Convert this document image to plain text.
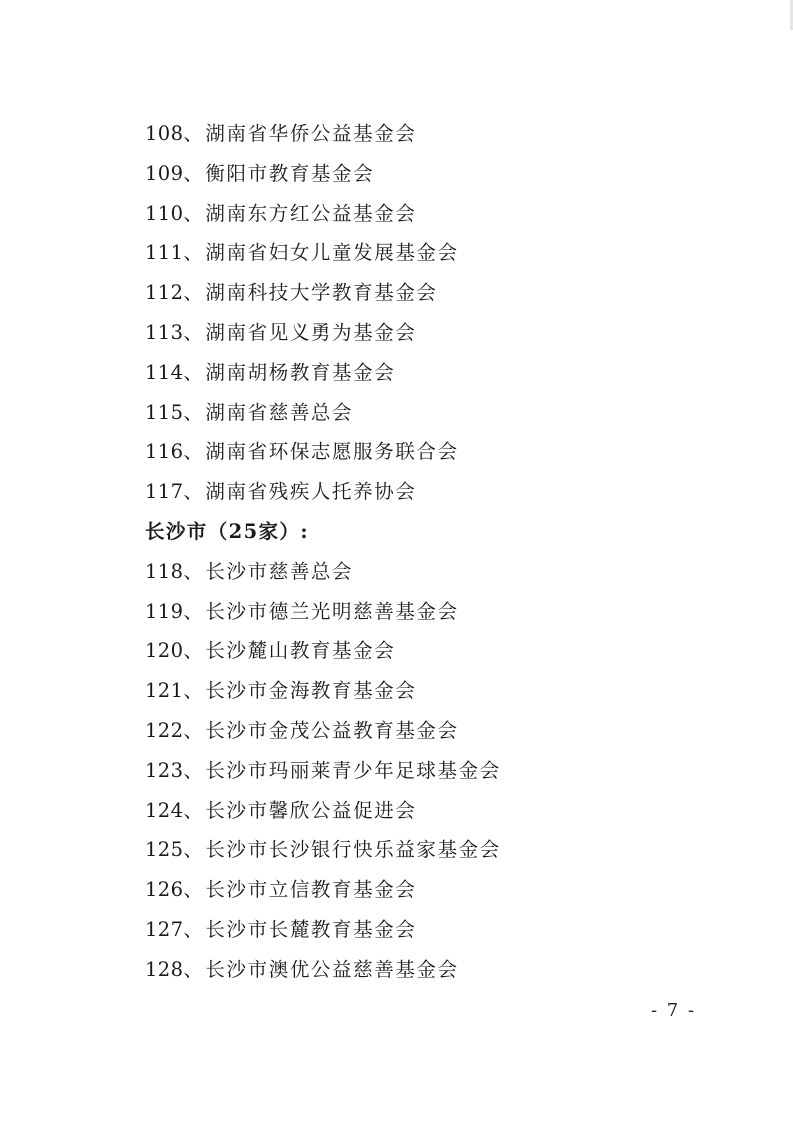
108、 湖南省华侨公益基金会
109、 衡阳市教育基金会
110、 湖南东方红公益基金会
111、 湖南省妇女儿童发展基金会
112、 湖南科技大学教育基金会
113、 湖南省见义勇为基金会
114、 湖南胡杨教育基金会
115、 湖南省慈善总会
116、 湖南省环保志愿服务联合会
117、 湖南省残疾人托养协会
长沙市（25家）:
118、 长沙市慈善总会
119、 长沙市德兰光明慈善基金会
120、 长沙麓山教育基金会
121、 长沙市金海教育基金会
122、 长沙市金茂公益教育基金会
123、 长沙市玛丽莱青少年足球基金会
124、 长沙市馨欣公益促进会
125、 长沙市长沙银行快乐益家基金会
126、 长沙市立信教育基金会
127、 长沙市长麓教育基金会
128、 长沙市澳优公益慈善基金会
- 7 -
